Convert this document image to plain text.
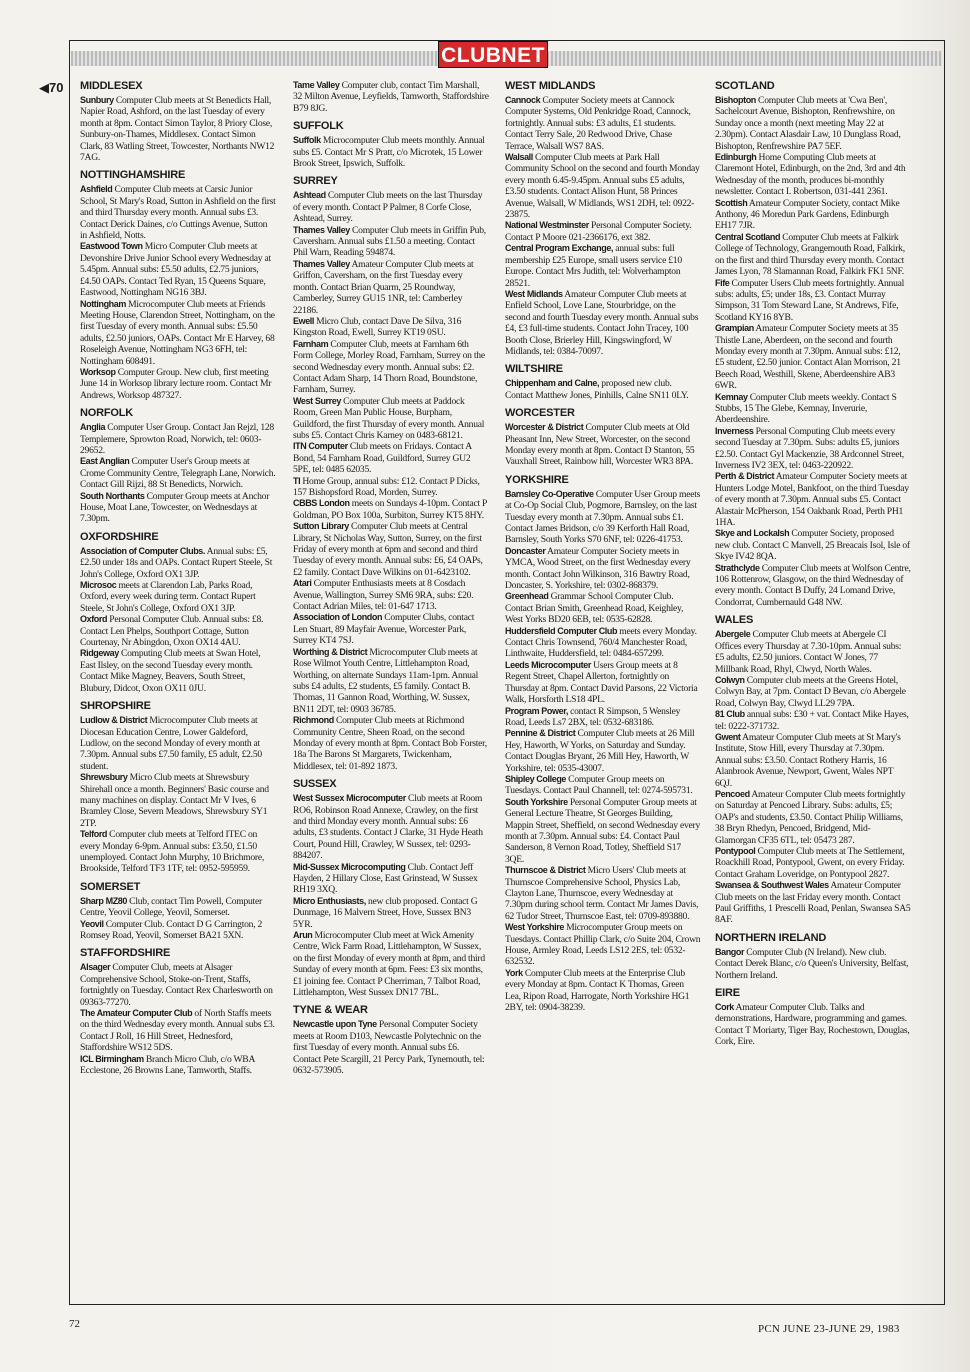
CLUBNET
◀70 MIDDLESEX

Sunbury Computer Club meets at St Benedicts Hall, Napier Road, Ashford, on the last Tuesday of every month at 8pm. Contact Simon Taylor, 8 Priory Close, Sunbury-on-Thames, Middlesex. Contact Simon Clark, 83 Watling Street, Towcester, Northants NW12 7AG.

NOTTINGHAMSHIRE

Ashfield Computer Club meets at Carsic Junior School, St Mary's Road, Sutton in Ashfield on the first and third Thursday every month. Annual subs £3. Contact Derick Daines, c/o Cuttings Avenue, Sutton in Ashfield, Notts.

Eastwood Town Micro Computer Club meets at Devonshire Drive Junior School every Wednesday at 5.45pm. Annual subs: £5.50 adults, £2.75 juniors, £4.50 OAPs. Contact Ted Ryan, 15 Queens Square, Eastwood, Nottingham NG16 3BJ.

Nottingham Microcomputer Club meets at Friends Meeting House, Clarendon Street, Nottingham, on the first Tuesday of every month. Annual subs: £5.50 adults, £2.50 juniors, OAPs. Contact Mr E Harvey, 68 Roseleigh Avenue, Nottingham NG3 6FH, tel: Nottingham 608491.

Worksop Computer Group. New club, first meeting June 14 in Worksop library lecture room. Contact Mr Andrews, Worksop 487327.

NORFOLK

Anglia Computer User Group. Contact Jan Rejzl, 128 Templemere, Sprowton Road, Norwich, tel: 0603-29652.

East Anglian Computer User's Group meets at Crome Community Centre, Telegraph Lane, Norwich. Contact Gill Rijzi, 88 St Benedicts, Norwich.

South Northants Computer Group meets at Anchor House, Moat Lane, Towcester, on Wednesdays at 7.30pm.

OXFORDSHIRE

Association of Computer Clubs. Annual subs: £5, £2.50 under 18s and OAPs. Contact Rupert Steele, St John's College, Oxford OX1 3JP.

Microsoc meets at Clarendon Lab, Parks Road, Oxford, every week during term. Contact Rupert Steele, St John's College, Oxford OX1 3JP.

Oxford Personal Computer Club. Annual subs: £8. Contact Len Phelps, Southport Cottage, Sutton Courtenay, Nr Abingdon, Oxon OX14 4AU.

Ridgeway Computing Club meets at Swan Hotel, East Ilsley, on the second Tuesday every month. Contact Mike Magney, Beavers, South Street, Blubury, Didcot, Oxon OX11 0JU.

SHROPSHIRE

Ludlow & District Microcomputer Club meets at Diocesan Education Centre, Lower Galdeford, Ludlow, on the second Monday of every month at 7.30pm. Annual subs £7.50 family, £5 adult, £2.50 student.

Shrewsbury Micro Club meets at Shrewsbury Shirehall once a month. Beginners' Basic course and many machines on display. Contact Mr V Ives, 6 Bramley Close, Severn Meadows, Shrewsbury SY1 2TP.

Telford Computer club meets at Telford ITEC on every Monday 6-9pm. Annual subs: £3.50, £1.50 unemployed. Contact John Murphy, 10 Brichmore, Brookside, Telford TF3 1TF, tel: 0952-595959.

SOMERSET

Sharp MZ80 Club, contact Tim Powell, Computer Centre, Yeovil College, Yeovil, Somerset.

Yeovil Computer Club. Contact D G Carrington, 2 Romsey Road, Yeovil, Somerset BA21 5XN.

STAFFORDSHIRE

Alsager Computer Club, meets at Alsager Comprehensive School, Stoke-on-Trent, Staffs, fortnightly on Tuesday. Contact Rex Charlesworth on 09363-77270.

The Amateur Computer Club of North Staffs meets on the third Wednesday every month. Annual subs £3. Contact J Roll, 16 Hill Street, Hednesford, Staffordshire WS12 5DS.

ICL Birmingham Branch Micro Club, c/o WBA Ecclestone, 26 Browns Lane, Tamworth, Staffs.

Tame Valley Computer club, contact Tim Marshall, 32 Milton Avenue, Leyfields, Tamworth, Staffordshire B79 8JG.

SUFFOLK

Suffolk Microcomputer Club meets monthly. Annual subs £5. Contact Mr S Pratt, c/o Microtek, 15 Lower Brook Street, Ipswich, Suffolk.

SURREY

Ashtead Computer Club meets on the last Thursday of every month. Contact P Palmer, 8 Corfe Close, Ashtead, Surrey.

Thames Valley Computer Club meets in Griffin Pub, Caversham. Annual subs £1.50 a meeting. Contact Phil Warn, Reading 594874.

Thames Valley Amateur Computer Club meets at Griffon, Caversham, on the first Tuesday every month. Contact Brian Quarm, 25 Roundway, Camberley, Surrey GU15 1NR, tel: Camberley 22186.

Ewell Micro Club, contact Dave De Silva, 316 Kingston Road, Ewell, Surrey KT19 0SU.

Farnham Computer Club, meets at Farnham 6th Form College, Morley Road, Farnham, Surrey on the second Wednesday every month. Annual subs: £2. Contact Adam Sharp, 14 Thorn Road, Boundstone, Farnham, Surrey.

West Surrey Computer Club meets at Paddock Room, Green Man Public House, Burpham, Guildford, the first Thursday of every month. Annual subs £5. Contact Chris Karney on 0483-68121.

ITN Computer Club meets on Fridays. Contact A Bond, 54 Farnham Road, Guildford, Surrey GU2 5PE, tel: 0485 62035.

TI Home Group, annual subs: £12. Contact P Dicks, 157 Bishopsford Road, Morden, Surrey.

CBBS London meets on Sundays 4-10pm. Contact P Goldman, PO Box 100a, Surbiton, Surrey KT5 8HY.

Sutton Library Computer Club meets at Central Library, St Nicholas Way, Sutton, Surrey, on the first Friday of every month at 6pm and second and third Tuesday of every month. Annual subs: £6, £4 OAPs, £2 family. Contact Dave Wilkins on 01-6423102.

Atari Computer Enthusiasts meets at 8 Cosdach Avenue, Wallington, Surrey SM6 9RA, subs: £20. Contact Adrian Miles, tel: 01-647 1713.

Association of London Computer Clubs, contact Len Stuart, 89 Mayfair Avenue, Worcester Park, Surrey KT4 7SJ.

Worthing & District Microcomputer Club meets at Rose Wilmot Youth Centre, Littlehampton Road, Worthing, on alternate Sundays 11am-1pm. Annual subs £4 adults, £2 students, £5 family. Contact B. Thomas, 11 Gannon Road, Worthing, W. Sussex, BN11 2DT, tel: 0903 36785.

Richmond Computer Club meets at Richmond Community Centre, Sheen Road, on the second Monday of every month at 8pm. Contact Bob Forster, 18a The Barons St Margarets, Twickenham, Middlesex, tel: 01-892 1873.

SUSSEX

West Sussex Microcomputer Club meets at Room RO6, Robinson Road Annexe, Crawley, on the first and third Monday every month. Annual subs: £6 adults, £3 students. Contact J Clarke, 31 Hyde Heath Court, Pound Hill, Crawley, W Sussex, tel: 0293-884207.

Mid-Sussex Microcomputing Club. Contact Jeff Hayden, 2 Hillary Close, East Grinstead, W Sussex RH19 3XQ.

Micro Enthusiasts, new club proposed. Contact G Dunmage, 16 Malvern Street, Hove, Sussex BN3 5YR.

Arun Microcomputer Club meet at Wick Amenity Centre, Wick Farm Road, Littlehampton, W Sussex, on the first Monday of every month at 8pm, and third Sunday of every month at 6pm. Fees: £3 six months, £1 joining fee. Contact P Cherriman, 7 Talbot Road, Littlehampton, West Sussex DN17 7BL.

TYNE & WEAR

Newcastle upon Tyne Personal Computer Society meets at Room D103, Newcastle Polytechnic on the first Tuesday of every month. Annual subs £6. Contact Pete Scargill, 21 Percy Park, Tynemouth, tel: 0632-573905.

WEST MIDLANDS

Cannock Computer Society meets at Cannock Computer Systems, Old Penkridge Road, Cannock, fortnightly. Annual subs: £3 adults, £1 students. Contact Terry Sale, 20 Redwood Drive, Chase Terrace, Walsall WS7 8AS.

Walsall Computer Club meets at Park Hall Community School on the second and fourth Monday every month 6.45-9.45pm. Annual subs £5 adults, £3.50 students. Contact Alison Hunt, 58 Princes Avenue, Walsall, W Midlands, WS1 2DH, tel: 0922-23875.

National Westminster Personal Computer Society. Contact P Moore 021-2366176, ext 382.

Central Program Exchange, annual subs: full membership £25 Europe, small users service £10 Europe. Contact Mrs Judith, tel: Wolverhampton 28521.

West Midlands Amateur Computer Club meets at Enfield School, Love Lane, Stourbridge, on the second and fourth Tuesday every month. Annual subs £4, £3 full-time students. Contact John Tracey, 100 Booth Close, Brierley Hill, Kingswingford, W Midlands, tel: 0384-70097.

WILTSHIRE

Chippenham and Calne, proposed new club. Contact Matthew Jones, Pinhills, Calne SN11 0LY.

WORCESTER

Worcester & District Computer Club meets at Old Pheasant Inn, New Street, Worcester, on the second Monday every month at 8pm. Contact D Stanton, 55 Vauxhall Street, Rainbow hill, Worcester WR3 8PA.

YORKSHIRE

Barnsley Co-Operative Computer User Group meets at Co-Op Social Club, Pogmore, Barnsley, on the last Tuesday every month at 7.30pm. Annual subs £1. Contact James Bridson, c/o 39 Kerforth Hall Road, Barnsley, South Yorks S70 6NF, tel: 0226-41753.

Doncaster Amateur Computer Society meets in YMCA, Wood Street, on the first Wednesday every month. Contact John Wilkinson, 316 Bawtry Road, Doncaster, S. Yorkshire, tel: 0302-868379.

Greenhead Grammar School Computer Club. Contact Brian Smith, Greenhead Road, Keighley, West Yorks BD20 6EB, tel: 0535-62828.

Huddersfield Computer Club meets every Monday. Contact Chris Townsend, 760/4 Manchester Road, Linthwaite, Huddersfield, tel: 0484-657299.

Leeds Microcomputer Users Group meets at 8 Regent Street, Chapel Allerton, fortnightly on Thursday at 8pm. Contact David Parsons, 22 Victoria Walk, Horsforth LS18 4PL.

Program Power, contact R Simpson, 5 Wensley Road, Leeds Ls7 2BX, tel: 0532-683186.

Pennine & District Computer Club meets at 26 Mill Hey, Haworth, W Yorks, on Saturday and Sunday. Contact Douglas Bryant, 26 Mill Hey, Haworth, W Yorkshire, tel: 0535-43007.

Shipley College Computer Group meets on Tuesdays. Contact Paul Channell, tel: 0274-595731.

South Yorkshire Personal Computer Group meets at General Lecture Theatre, St Georges Building, Mappin Street, Sheffield, on second Wednesday every month at 7.30pm. Annual subs: £4. Contact Paul Sanderson, 8 Vernon Road, Totley, Sheffield S17 3QE.

Thurnscoe & District Micro Users' Club meets at Thurnscoe Comprehensive School, Physics Lab, Clayton Lane, Thurnscoe, every Wednesday at 7.30pm during school term. Contact Mr James Davis, 62 Tudor Street, Thurnscoe East, tel: 0709-893880.

West Yorkshire Microcomputer Group meets on Tuesdays. Contact Phillip Clark, c/o Suite 204, Crown House, Armley Road, Leeds LS12 2ES, tel: 0532-632532.

York Computer Club meets at the Enterprise Club every Monday at 8pm. Contact K Thomas, Green Lea, Ripon Road, Harrogate, North Yorkshire HG1 2BY, tel: 0904-38239.

SCOTLAND

Bishopton Computer Club meets at 'Cwa Ben', Sachelcourt Avenue, Bishopton, Renfrewshire, on Sunday once a month (next meeting May 22 at 2.30pm). Contact Alasdair Law, 10 Dunglass Road, Bishopton, Renfrewshire PA7 5EF.

Edinburgh Home Computing Club meets at Claremont Hotel, Edinburgh, on the 2nd, 3rd and 4th Wednesday of the month, produces bi-monthly newsletter. Contact I. Robertson, 031-441 2361.

Scottish Amateur Computer Society, contact Mike Anthony, 46 Moredun Park Gardens, Edinburgh EH17 7JR.

Central Scotland Computer Club meets at Falkirk College of Technology, Grangemouth Road, Falkirk, on the first and third Thursday every month. Contact James Lyon, 78 Slamannan Road, Falkirk FK1 5NF.

Fife Computer Users Club meets fortnightly. Annual subs: adults, £5; under 18s, £3. Contact Murray Simpson, 31 Tom Steward Lane, St Andrews, Fife, Scotland KY16 8YB.

Grampian Amateur Computer Society meets at 35 Thistle Lane, Aberdeen, on the second and fourth Monday every month at 7.30pm. Annual subs: £12, £5 student, £2.50 junior. Contact Alan Morrison, 21 Beech Road, Westhill, Skene, Aberdeenshire AB3 6WR.

Kemnay Computer Club meets weekly. Contact S Stubbs, 15 The Glebe, Kemnay, Inverurie, Aberdeenshire.

Inverness Personal Computing Club meets every second Tuesday at 7.30pm. Subs: adults £5, juniors £2.50. Contact Gyl Mackenzie, 38 Ardconnel Street, Inverness IV2 3EX, tel: 0463-220922.

Perth & District Amateur Computer Society meets at Hunters Lodge Motel, Bankfoot, on the third Tuesday of every month at 7.30pm. Annual subs £5. Contact Alastair McPherson, 154 Oakbank Road, Perth PH1 1HA.

Skye and Lockalsh Computer Society, proposed new club. Contact C Manvell, 25 Breacais Isol, Isle of Skye IV42 8QA.

Strathclyde Computer Club meets at Wolfson Centre, 106 Rottenrow, Glasgow, on the third Wednesday of every month. Contact B Duffy, 24 Lomand Drive, Condorrat, Cumbernauld G48 NW.

WALES

Abergele Computer Club meets at Abergele CI Offices every Thursday at 7.30-10pm. Annual subs: £5 adults, £2.50 juniors. Contact W Jones, 77 Millbank Road, Rhyl, Clwyd, North Wales.

Colwyn Computer club meets at the Greens Hotel, Colwyn Bay, at 7pm. Contact D Bevan, c/o Abergele Road, Colwyn Bay, Clwyd LL29 7PA.

81 Club annual subs: £30 + vat. Contact Mike Hayes, tel: 0222-371732.

Gwent Amateur Computer Club meets at St Mary's Institute, Stow Hill, every Thursday at 7.30pm. Annual subs: £3.50. Contact Rothery Harris, 16 Alanbrook Avenue, Newport, Gwent, Wales NPT 6QJ.

Pencoed Amateur Computer Club meets fortnightly on Saturday at Pencoed Library. Subs: adults, £5; OAP's and students, £3.50. Contact Philip Williams, 38 Bryn Rhedyn, Pencoed, Bridgend, Mid-Glamorgan CF35 6TL, tel: 05473 287.

Pontypool Computer Club meets at The Settlement, Roackhill Road, Pontypool, Gwent, on every Friday. Contact Graham Loveridge, on Pontypool 2827.

Swansea & Southwest Wales Amateur Computer Club meets on the last Friday every month. Contact Paul Griffiths, 1 Prescelli Road, Penlan, Swansea SA5 8AF.

NORTHERN IRELAND

Bangor Computer Club (N Ireland). New club. Contact Derek Blanc, c/o Queen's University, Belfast, Northern Ireland.

EIRE

Cork Amateur Computer Club. Talks and demonstrations, Hardware, programming and games. Contact T Moriarty, Tiger Bay, Rochestown, Douglas, Cork, Eire.

72	PCN JUNE 23-JUNE 29, 1983
